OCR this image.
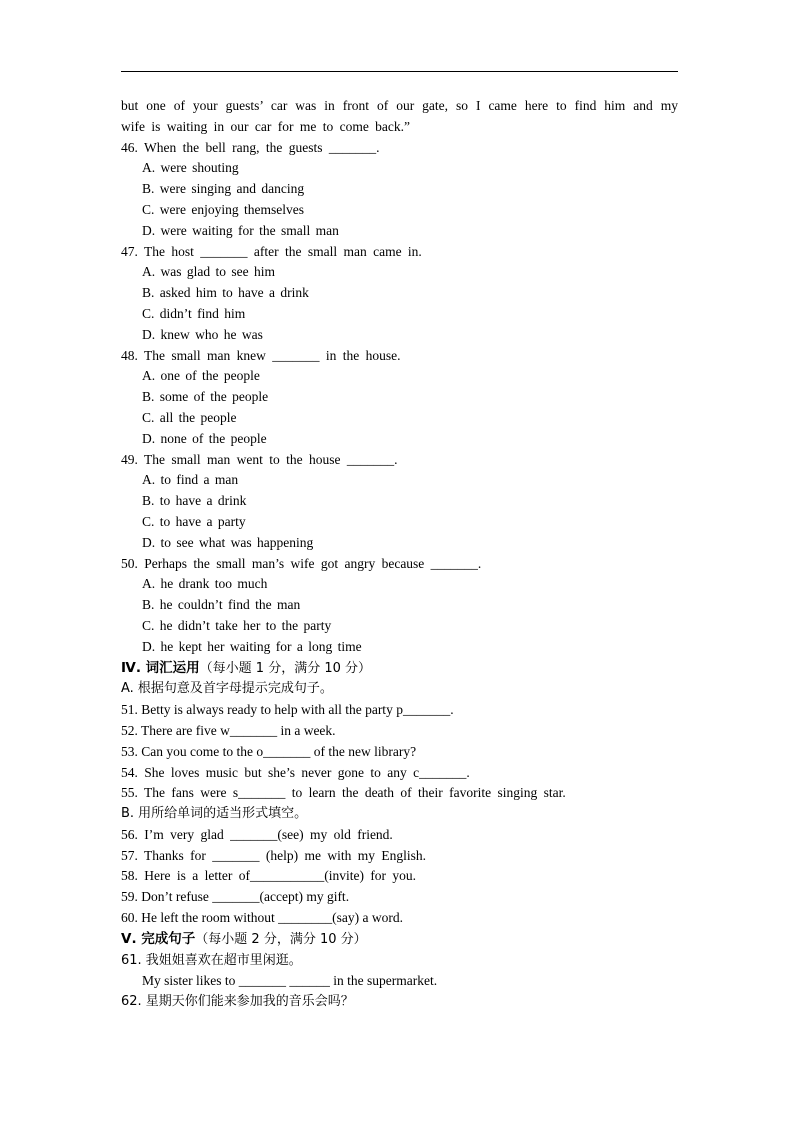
but one of your guests’ car was in front of our gate, so I came here to find him and my
wife is waiting in our car for me to come back.”
46. When the bell rang, the guests _______.
A. were shouting
B. were singing and dancing
C. were enjoying themselves
D. were waiting for the small man
47. The host _______ after the small man came in.
A. was glad to see him
B. asked him to have a drink
C. didn’t find him
D. knew who he was
48. The small man knew _______ in the house.
A. one of the people
B. some of the people
C. all the people
D. none of the people
49. The small man went to the house _______.
A. to find a man
B. to have a drink
C. to have a party
D. to see what was happening
50. Perhaps the small man’s wife got angry because _______.
A. he drank too much
B. he couldn’t find the man
C. he didn’t take her to the party
D. he kept her waiting for a long time
Ⅳ. 词汇运用（每小题 1 分，满分 10 分）
A. 根据句意及首字母提示完成句子。
51. Betty is always ready to help with all the party p_______.
52. There are five w_______ in a week.
53. Can you come to the o_______ of the new library?
54. She loves music but she’s never gone to any c_______.
55. The fans were s_______ to learn the death of their favorite singing star.
B. 用所给单词的适当形式填空。
56. I’m very glad _______(see) my old friend.
57. Thanks for _______ (help) me with my English.
58. Here is a letter of___________(invite) for you.
59. Don’t refuse _______(accept) my gift.
60. He left the room without ________(say) a word.
Ⅴ. 完成句子（每小题 2 分，满分 10 分）
61. 我姐姐喜欢在超市里闲逛。
My sister likes to _______ ______ in the supermarket.
62. 星期天你们能来参加我的音乐会吗？
